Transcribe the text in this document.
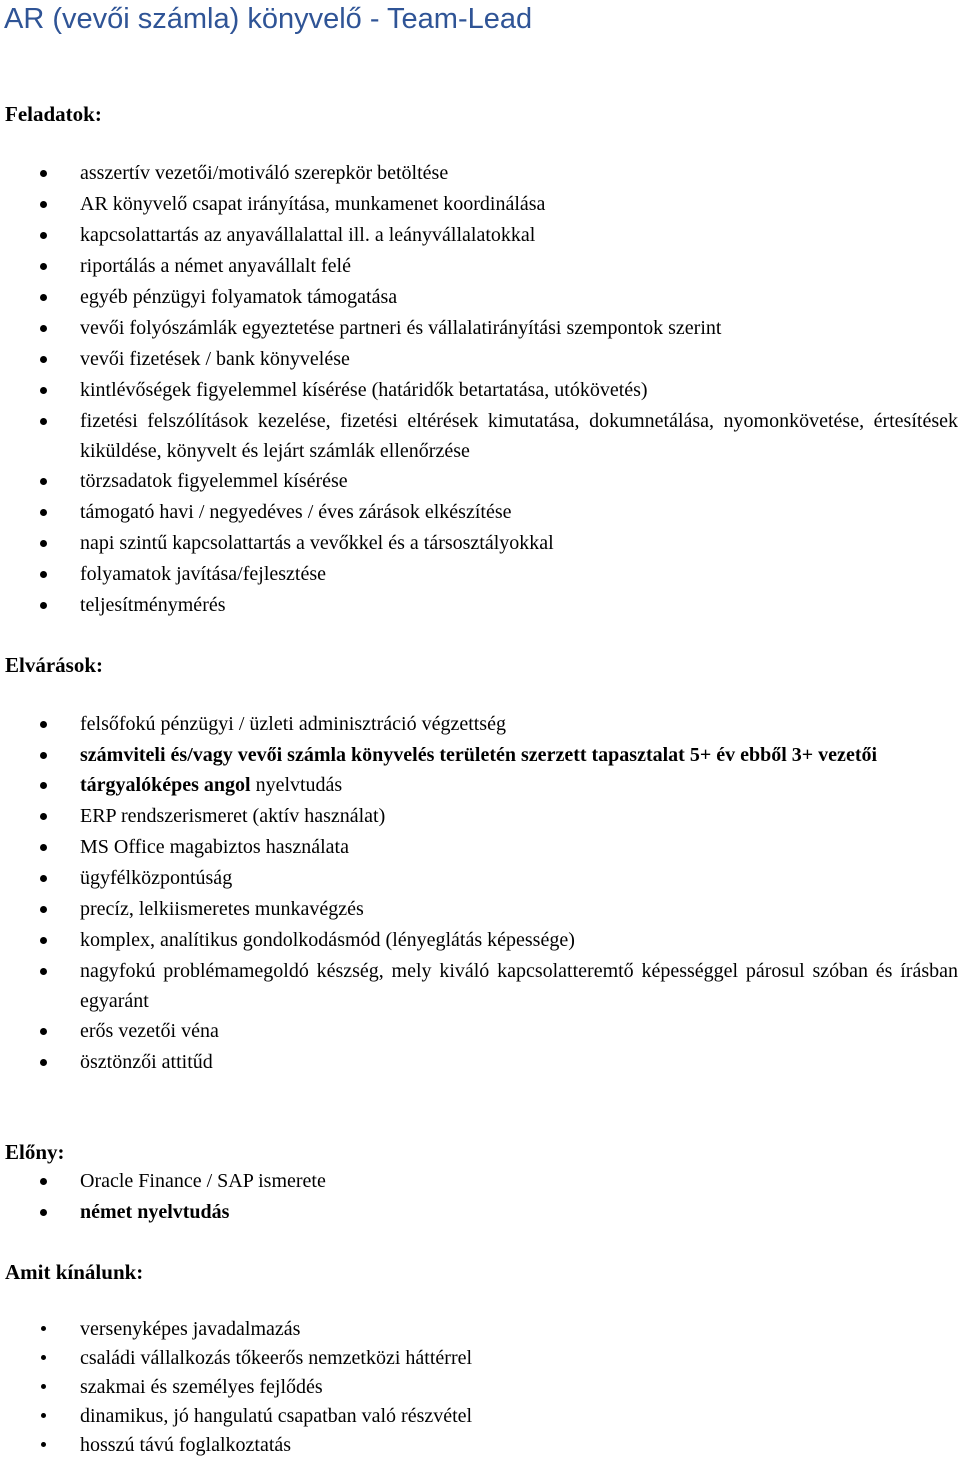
AR (vevői számla) könyvelő - Team-Lead
Feladatok:
asszertív vezetői/motiváló szerepkör betöltése
AR könyvelő csapat irányítása, munkamenet koordinálása
kapcsolattartás az anyavállalattal ill. a leányvállalatokkal
riportálás a német anyavállalt felé
egyéb pénzügyi folyamatok támogatása
vevői folyószámlák egyeztetése partneri és vállalatirányítási szempontok szerint
vevői fizetések / bank könyvelése
kintlévőségek figyelemmel kísérése (határidők betartatása, utókövetés)
fizetési felszólítások kezelése, fizetési eltérések kimutatása, dokumnetálása, nyomonkövetése, értesítések kiküldése, könyvelt és lejárt számlák ellenőrzése
törzsadatok figyelemmel kísérése
támogató havi / negyedéves / éves zárások elkészítése
napi szintű kapcsolattartás a vevőkkel és a társosztályokkal
folyamatok javítása/fejlesztése
teljesítménymérés
Elvárások:
felsőfokú pénzügyi / üzleti adminisztráció végzettség
számviteli és/vagy vevői számla könyvelés területén szerzett tapasztalat 5+ év ebből 3+ vezetői
tárgyalóképes angol nyelvtudás
ERP rendszerismeret (aktív használat)
MS Office magabiztos használata
ügyfélközpontúság
precíz, lelkiismeretes munkavégzés
komplex, analítikus gondolkodásmód (lényeglátás képessége)
nagyfokú problémamegoldó készség, mely kiváló kapcsolatteremtő képességgel párosul szóban és írásban egyaránt
erős vezetői véna
ösztönzői attitűd
Előny:
Oracle Finance / SAP ismerete
német nyelvtudás
Amit kínálunk:
versenyképes javadalmazás
családi vállalkozás tőkeerős nemzetközi háttérrel
szakmai és személyes fejlődés
dinamikus, jó hangulatú csapatban való részvétel
hosszú távú foglalkoztatás
